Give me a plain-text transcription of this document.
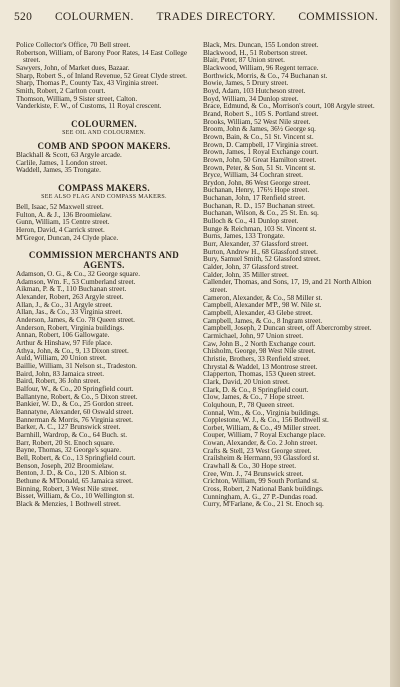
520 COLOURMEN. TRADES DIRECTORY. COMMISSION.
Police Collector's Office, 70 Bell street.
Robertson, William, of Barony Poor Rates, 14 East College street.
Sawyers, John, of Market dues, Bazaar.
Sharp, Robert S., of Inland Revenue, 52 Great Clyde street.
Sharp, Thomas P., County Tax, 43 Virginia street.
Smith, Robert, 2 Carlton court.
Thomson, William, 9 Sister street, Calton.
Vanderkiste, F. W., of Customs, 11 Royal crescent.
COLOURMEN.
SEE OIL AND COLOURMEN.
COMB AND SPOON MAKERS.
Blackhall & Scott, 63 Argyle arcade.
Carlile, James, 1 London street.
Waddell, James, 35 Trongate.
COMPASS MAKERS.
SEE ALSO FLAG AND COMPASS MAKERS.
Bell, Isaac, 52 Maxwell street.
Fulton, A. & J., 136 Broomielaw.
Gunn, William, 15 Centre street.
Heron, David, 4 Carrick street.
M'Gregor, Duncan, 24 Clyde place.
COMMISSION MERCHANTS AND AGENTS.
Adamson, O. G., & Co., 32 George square.
Adamson, Wm. F., 53 Cumberland street.
Aikman, P. & T., 110 Buchanan street.
Alexander, Robert, 263 Argyle street.
Allan, J., & Co., 31 Argyle street.
Allan, Jas., & Co., 33 Virginia street.
Anderson, James, & Co. 78 Queen street.
Anderson, Robert, Virginia buildings.
Annan, Robert, 106 Gallowgate.
Arthur & Hinshaw, 97 Fife place.
Athya, John, & Co., 9, 13 Dixon street.
Auld, William, 20 Union street.
Baillie, William, 31 Nelson st., Tradeston.
Baird, John, 83 Jamaica street.
Baird, Robert, 36 John street.
Balfour, W., & Co., 20 Springfield court.
Ballantyne, Robert, & Co., 5 Dixon street.
Bankier, W. D., & Co., 25 Gordon street.
Bannatyne, Alexander, 60 Oswald street.
Bannerman & Morris, 76 Virginia street.
Barker, A. C., 127 Brunswick street.
Barnhill, Wardrop, & Co., 64 Buch. st.
Barr, Robert, 20 St. Enoch square.
Bayne, Thomas, 32 George's square.
Bell, Robert, & Co., 13 Springfield court.
Benson, Joseph, 202 Broomielaw.
Benton, J. D., & Co., 120 S. Albion st.
Bethune & M'Donald, 65 Jamaica street.
Binning, Robert, 3 West Nile street.
Bisset, William, & Co., 10 Wellington st.
Black & Menzies, 1 Bothwell street.
Black, Mrs. Duncan, 155 London street.
Blackwood, H., 51 Robertson street.
Blair, Peter, 87 Union street.
Blackwood, William, 96 Regent terrace.
Borthwick, Morris, & Co., 74 Buchanan st.
Bowie, James, 5 Drury street.
Boyd, Adam, 103 Hutcheson street.
Boyd, William, 34 Dunlop street.
Brace, Edmund, & Co., Morrison's court, 108 Argyle street.
Brand, Robert S., 105 S. Portland street.
Brooks, William, 52 West Nile street.
Broom, John & James, 36½ George sq.
Brown, Bain, & Co., 51 St. Vincent st.
Brown, D. Campbell, 17 Virginia street.
Brown, James, 1 Royal Exchange court.
Brown, John, 50 Great Hamilton street.
Brown, Peter, & Son, 51 St. Vincent st.
Bryce, William, 34 Cochran street.
Brydon, John, 86 West George street.
Buchanan, Henry, 176½ Hope street.
Buchanan, John, 17 Renfield street.
Buchanan, R. D., 157 Buchanan street.
Buchanan, Wilson, & Co., 25 St. En. sq.
Bulloch & Co., 41 Dunlop street.
Bunge & Reichman, 103 St. Vincent st.
Burns, James, 133 Trongate.
Burr, Alexander, 37 Glassford street.
Burton, Andrew H., 68 Glassford street.
Bury, Samuel Smith, 52 Glassford street.
Calder, John, 37 Glassford street.
Calder, John, 35 Miller street.
Callender, Thomas, and Sons, 17, 19, and 21 North Albion street.
Cameron, Alexander, & Co., 58 Miller st.
Campbell, Alexander M'P., 98 W. Nile st.
Campbell, Alexander, 43 Glebe street.
Campbell, James, & Co., 8 Ingram street.
Campbell, Joseph, 2 Duncan street, off Abercromby street.
Carmichael, John, 97 Union street.
Caw, John B., 2 North Exchange court.
Chisholm, George, 98 West Nile street.
Christie, Brothers, 33 Renfield street.
Chrystal & Waddel, 13 Montrose street.
Clapperton, Thomas, 153 Queen street.
Clark, David, 20 Union street.
Clark, D. & Co., 8 Springfield court.
Clow, James, & Co., 7 Hope street.
Colquhoun, P., 78 Queen street.
Connal, Wm., & Co., Virginia buildings.
Copplestone, W. J., & Co., 156 Bothwell st.
Corbet, William, & Co., 49 Miller street.
Couper, William, 7 Royal Exchange place.
Cowan, Alexander, & Co. 2 John street.
Crafts & Stell, 23 West George street.
Crailsheim & Hermann, 93 Glassford st.
Crawhall & Co., 30 Hope street.
Cree, Wm. J., 74 Brunswick street.
Crichton, William, 99 South Portland st.
Cross, Robert, 2 National Bank buildings.
Cunningham, A. G., 27 P.-Dundas road.
Curry, M'Farlane, & Co., 21 St. Enoch sq.
